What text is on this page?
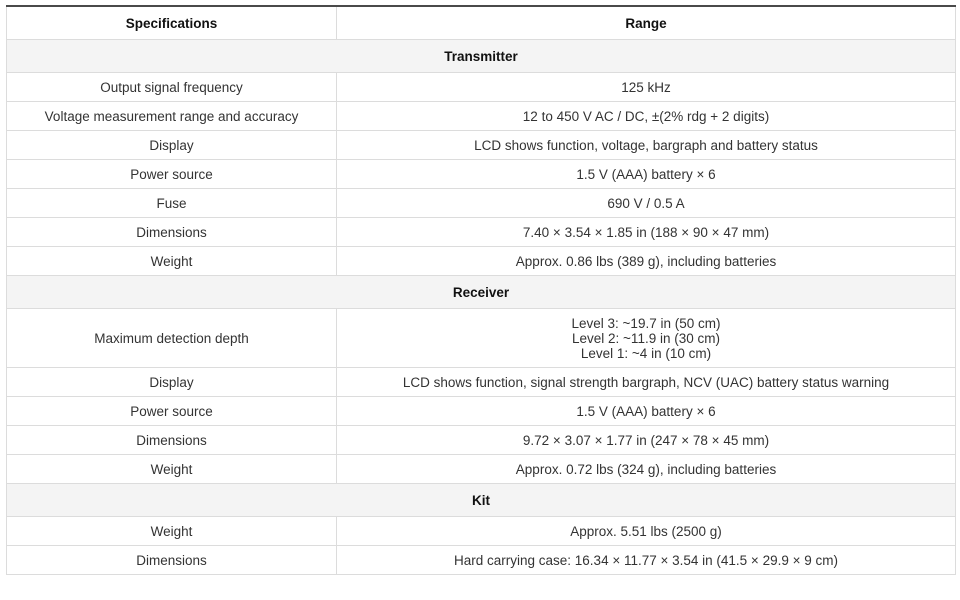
Specifications	Range
Transmitter	
Output signal frequency	125 kHz
Voltage measurement range and accuracy	12 to 450 V AC / DC, ±(2% rdg + 2 digits)
Display	LCD shows function, voltage, bargraph and battery status
Power source	1.5 V (AAA) battery × 6
Fuse	690 V / 0.5 A
Dimensions	7.40 × 3.54 × 1.85 in (188 × 90 × 47 mm)
Weight	Approx. 0.86 lbs (389 g), including batteries
Receiver	
Maximum detection depth	Level 3: ~19.7 in (50 cm)
Level 2: ~11.9 in (30 cm)
Level 1: ~4 in (10 cm)

Display	LCD shows function, signal strength bargraph, NCV (UAC) battery status warning
Power source	1.5 V (AAA) battery × 6
Dimensions	9.72 × 3.07 × 1.77 in (247 × 78 × 45 mm)
Weight	Approx. 0.72 lbs (324 g), including batteries
Kit	
Weight	Approx. 5.51 lbs (2500 g)
Dimensions	Hard carrying case: 16.34 × 11.77 × 3.54 in (41.5 × 29.9 × 9 cm)
